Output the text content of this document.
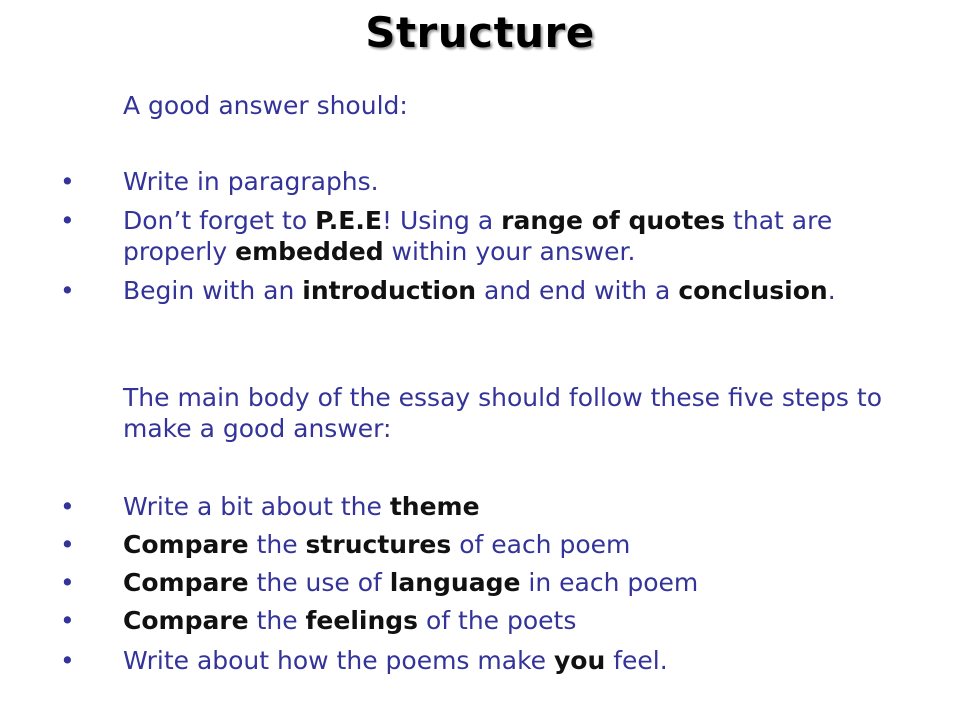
Structure
A good answer should:
• Write in paragraphs.
• Don’t forget to P.E.E! Using a range of quotes that are properly embedded within your answer.
• Begin with an introduction and end with a conclusion.
The main body of the essay should follow these five steps to make a good answer:
• Write a bit about the theme
• Compare the structures of each poem
• Compare the use of language in each poem
• Compare the feelings of the poets
• Write about how the poems make you feel.
